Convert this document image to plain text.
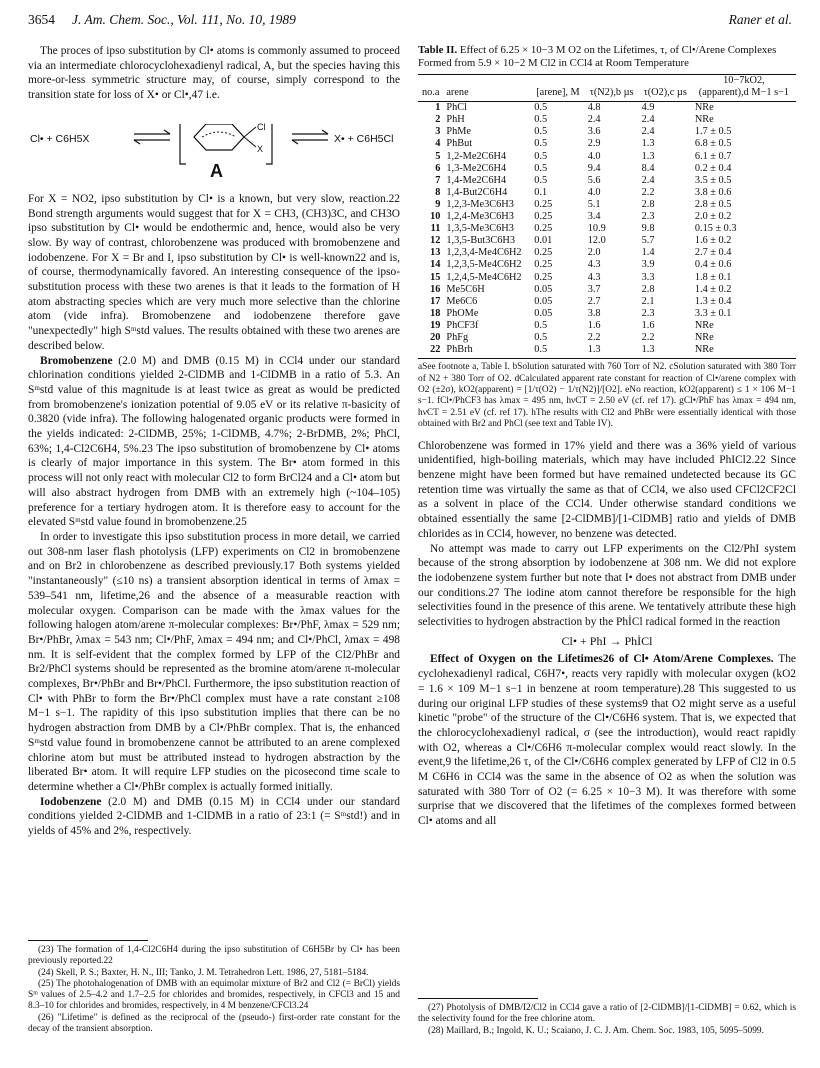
3654 J. Am. Chem. Soc., Vol. 111, No. 10, 1989	Raner et al.

The proces of ipso substitution by Cl• atoms is commonly assumed to proceed via an intermediate chlorocyclohexadienyl radical, A, but the species having this more-or-less symmetric structure may, of course, simply correspond to the transition state for loss of X• or Cl•,47 i.e.

Cl• + C6H5X
Cl
X
X• + C6H5Cl
A

For X = NO2, ipso substitution by Cl• is a known, but very slow, reaction.22 Bond strength arguments would suggest that for X = CH3, (CH3)3C, and CH3O ipso substitution by Cl• would be endothermic and, hence, would also be very slow. By way of contrast, chlorobenzene was produced with bromobenzene and iodobenzene. For X = Br and I, ipso substitution by Cl• is well-known22 and is, of course, thermodynamically favored. An interesting consequence of the ipso-substitution process with these two arenes is that it leads to the formation of H atom abstracting species which are very much more selective than the chlorine atom (vide infra). Bromobenzene and iodobenzene therefore gave "unexpectedly" high Sᵐstd values. The results obtained with these two arenes are described below.

Bromobenzene (2.0 M) and DMB (0.15 M) in CCl4 under our standard chlorination conditions yielded 2-ClDMB and 1-ClDMB in a ratio of 5.3. An Sᵐstd value of this magnitude is at least twice as great as would be predicted from bromobenzene's ionization potential of 9.05 eV or its relative π-basicity of 0.3820 (vide infra). The following halogenated organic products were formed in the yields indicated: 2-ClDMB, 25%; 1-ClDMB, 4.7%; 2-BrDMB, 2%; PhCl, 63%; 1,4-Cl2C6H4, 5%.23 The ipso substitution of bromobenzene by Cl• atoms is clearly of major importance in this system. The Br• atom formed in this process will not only react with molecular Cl2 to form BrCl24 and a Cl• atom but will also abstract hydrogen from DMB with an extremely high (~104–105) preference for a tertiary hydrogen atom. It is therefore easy to account for the elevated Sᵐstd value found in bromobenzene.25

In order to investigate this ipso substitution process in more detail, we carried out 308-nm laser flash photolysis (LFP) experiments on Cl2 in bromobenzene and on Br2 in chlorobenzene as described previously.17 Both systems yielded "instantaneously" (≤10 ns) a transient absorption identical in terms of λmax = 539–541 nm, lifetime,26 and the absence of a measurable reaction with molecular oxygen. Comparison can be made with the λmax values for the following halogen atom/arene π-molecular complexes: Br•/PhF, λmax = 529 nm; Br•/PhBr, λmax = 543 nm; Cl•/PhF, λmax = 494 nm; and Cl•/PhCl, λmax = 498 nm. It is self-evident that the complex formed by LFP of the Cl2/PhBr and Br2/PhCl systems should be represented as the bromine atom/arene π-molecular complexes, Br•/PhBr and Br•/PhCl. Furthermore, the ipso substitution reaction of Cl• with PhBr to form the Br•/PhCl complex must have a rate constant ≥108 M−1 s−1. The rapidity of this ipso substitution implies that there can be no hydrogen abstraction from DMB by a Cl•/PhBr complex. That is, the enhanced Sᵐstd value found in bromobenzene cannot be attributed to an arene complexed chlorine atom but must be attributed instead to hydrogen abstraction by the liberated Br• atom. It will require LFP studies on the picosecond time scale to determine whether a Cl•/PhBr complex is actually formed initially.

Iodobenzene (2.0 M) and DMB (0.15 M) in CCl4 under our standard conditions yielded 2-ClDMB and 1-ClDMB in a ratio of 23:1 (= Sᵐstd!) and in yields of 45% and 2%, respectively.

(23) The formation of 1,4-Cl2C6H4 during the ipso substitution of C6H5Br by Cl• has been previously reported.22

(24) Skell, P. S.; Baxter, H. N., III; Tanko, J. M. Tetrahedron Lett. 1986, 27, 5181–5184.

(25) The photohalogenation of DMB with an equimolar mixture of Br2 and Cl2 (= BrCl) yields Sᵐ values of 2.5–4.2 and 1.7–2.5 for chlorides and bromides, respectively, in CFCl3 and 15 and 8.3–10 for chlorides and bromides, respectively, in 4 M benzene/CFCl3.24

(26) "Lifetime" is defined as the reciprocal of the (pseudo-) first-order rate constant for the decay of the transient absorption.

Table II. Effect of 6.25 × 10−3 M O2 on the Lifetimes, τ, of Cl•/Arene Complexes Formed from 5.9 × 10−2 M Cl2 in CCl4 at Room Temperature
					10−7kO2,
no.a	arene	[arene], M	τ(N2),b µs	τ(O2),c µs	(apparent),d M−1 s−1
1	PhCl	0.5	4.8	4.9	NRe
2	PhH	0.5	2.4	2.4	NRe
3	PhMe	0.5	3.6	2.4	1.7 ± 0.5
4	PhBut	0.5	2.9	1.3	6.8 ± 0.5
5	1,2-Me2C6H4	0.5	4.0	1.3	6.1 ± 0.7
6	1,3-Me2C6H4	0.5	9.4	8.4	0.2 ± 0.4
7	1,4-Me2C6H4	0.5	5.6	2.4	3.5 ± 0.5
8	1,4-But2C6H4	0.1	4.0	2.2	3.8 ± 0.6
9	1,2,3-Me3C6H3	0.25	5.1	2.8	2.8 ± 0.5
10	1,2,4-Me3C6H3	0.25	3.4	2.3	2.0 ± 0.2
11	1,3,5-Me3C6H3	0.25	10.9	9.8	0.15 ± 0.3
12	1,3,5-But3C6H3	0.01	12.0	5.7	1.6 ± 0.2
13	1,2,3,4-Me4C6H2	0.25	2.0	1.4	2.7 ± 0.4
14	1,2,3,5-Me4C6H2	0.25	4.3	3.9	0.4 ± 0.6
15	1,2,4,5-Me4C6H2	0.25	4.3	3.3	1.8 ± 0.1
16	Me5C6H	0.05	3.7	2.8	1.4 ± 0.2
17	Me6C6	0.05	2.7	2.1	1.3 ± 0.4
18	PhOMe	0.05	3.8	2.3	3.3 ± 0.1
19	PhCF3f	0.5	1.6	1.6	NRe
20	PhFg	0.5	2.2	2.2	NRe
22	PhBrh	0.5	1.3	1.3	NRe
aSee footnote a, Table I. bSolution saturated with 760 Torr of N2. cSolution saturated with 380 Torr of N2 + 380 Torr of O2. dCalculated apparent rate constant for reaction of Cl•/arene complex with O2 (±2σ), kO2(apparent) = [1/τ(O2) − 1/τ(N2)]/[O2]. eNo reaction, kO2(apparent) ≤ 1 × 106 M−1 s−1. fCl•/PhCF3 has λmax = 495 nm, hνCT = 2.50 eV (cf. ref 17). gCl•/PhF has λmax = 494 nm, hνCT = 2.51 eV (cf. ref 17). hThe results with Cl2 and PhBr were essentially identical with those obtained with Br2 and PhCl (see text and Table IV).

Chlorobenzene was formed in 17% yield and there was a 36% yield of various unidentified, high-boiling materials, which may have included PhICl2.22 Since benzene might have been formed but have remained undetected because its GC retention time was virtually the same as that of CCl4, we also used CFCl2CF2Cl as a solvent in place of the CCl4. Under otherwise standard conditions we obtained essentially the same [2-ClDMB]/[1-ClDMB] ratio and yields of DMB chlorides as in CCl4, however, no benzene was detected.

No attempt was made to carry out LFP experiments on the Cl2/PhI system because of the strong absorption by iodobenzene at 308 nm. We did not explore the iodobenzene system further but note that I• does not abstract from DMB under our conditions.27 The iodine atom cannot therefore be responsible for the high selectivities found in the presence of this arene. We tentatively attribute these high selectivities to hydrogen abstraction by the PhİCl radical formed in the reaction

Cl• + PhI → PhİCl

Effect of Oxygen on the Lifetimes26 of Cl• Atom/Arene Complexes. The cyclohexadienyl radical, C6H7•, reacts very rapidly with molecular oxygen (kO2 = 1.6 × 109 M−1 s−1 in benzene at room temperature).28 This suggested to us during our original LFP studies of these systems9 that O2 might serve as a useful kinetic "probe" of the structure of the Cl•/C6H6 system. That is, we expected that the chlorocyclohexadienyl radical, σ (see the introduction), would react rapidly with O2, whereas a Cl•/C6H6 π-molecular complex would react slowly. In the event,9 the lifetime,26 τ, of the Cl•/C6H6 complex generated by LFP of Cl2 in 0.5 M C6H6 in CCl4 was the same in the absence of O2 as when the solution was saturated with 380 Torr of O2 (= 6.25 × 10−3 M). It was therefore with some surprise that we discovered that the lifetimes of the complexes formed between Cl• atoms and all

(27) Photolysis of DMB/I2/Cl2 in CCl4 gave a ratio of [2-ClDMB]/[1-ClDMB] = 0.62, which is the selectivity found for the free chlorine atom.

(28) Maillard, B.; Ingold, K. U.; Scaiano, J. C. J. Am. Chem. Soc. 1983, 105, 5095–5099.
